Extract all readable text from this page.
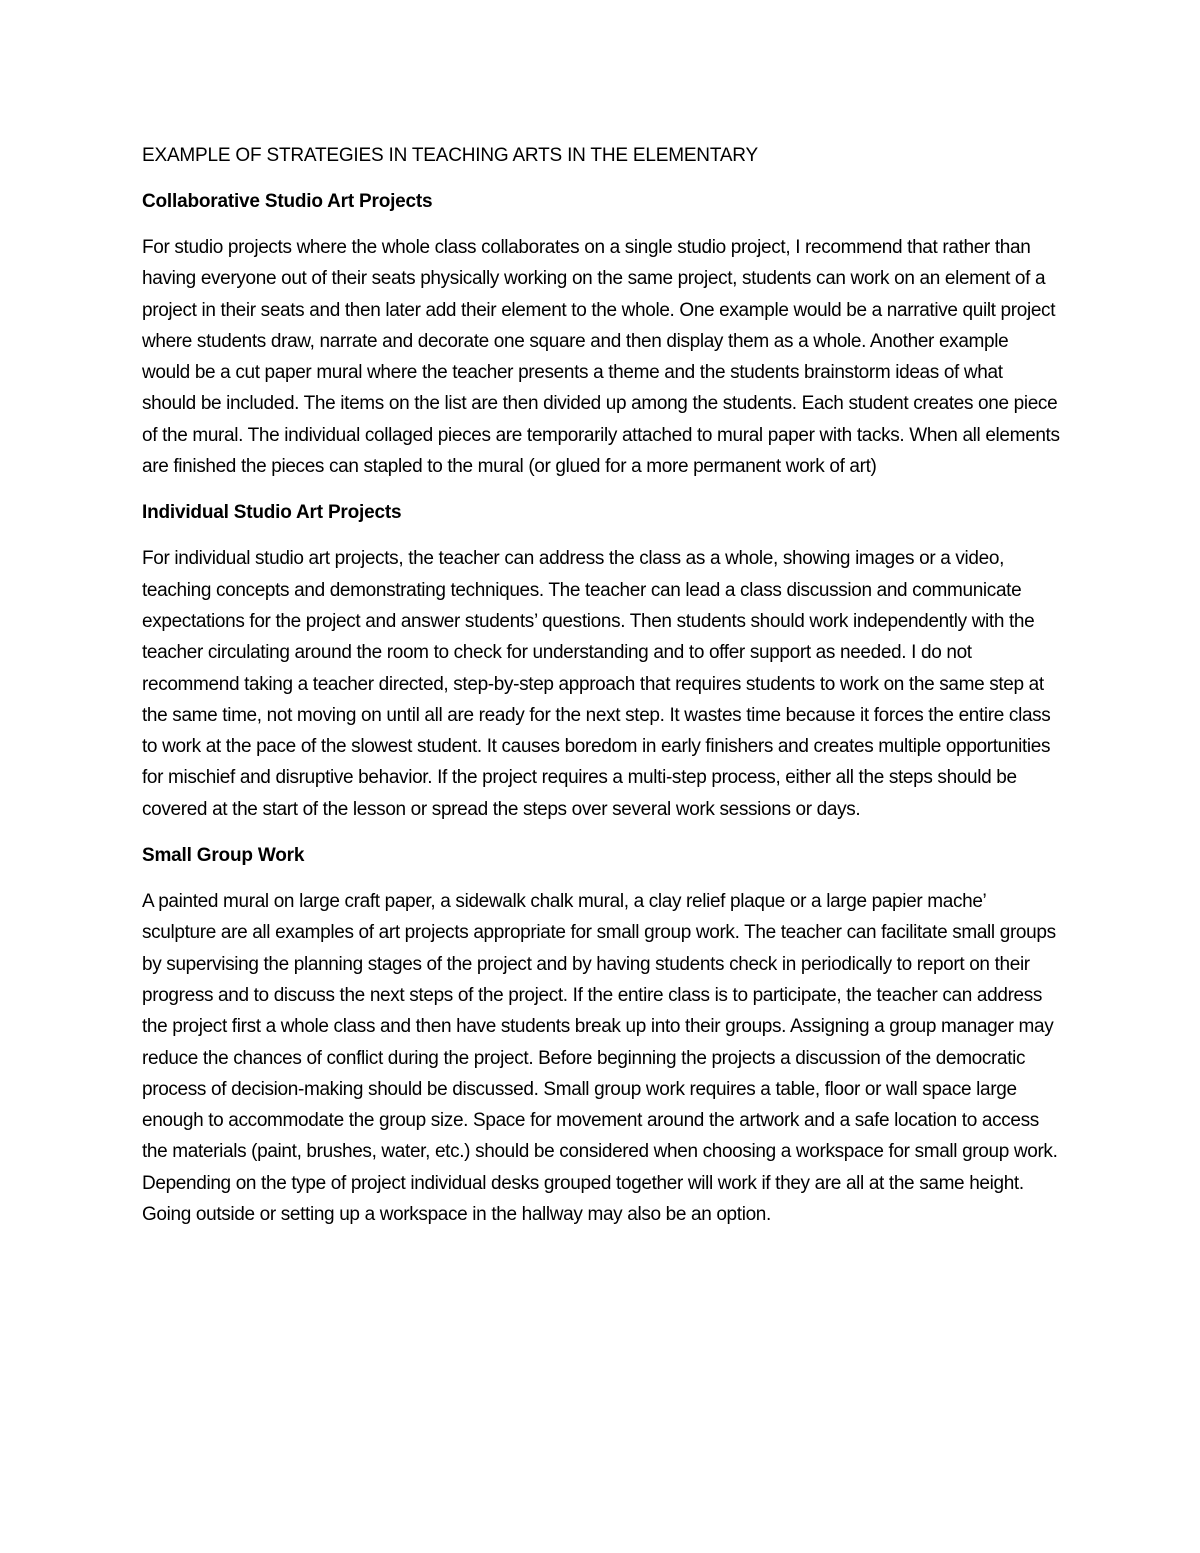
EXAMPLE OF STRATEGIES IN TEACHING ARTS IN THE ELEMENTARY
Collaborative Studio Art Projects

For studio projects where the whole class collaborates on a single studio project, I recommend that rather than having everyone out of their seats physically working on the same project, students can work on an element of a project in their seats and then later add their element to the whole. One example would be a narrative quilt project where students draw, narrate and decorate one square and then display them as a whole. Another example would be a cut paper mural where the teacher presents a theme and the students brainstorm ideas of what should be included. The items on the list are then divided up among the students. Each student creates one piece of the mural. The individual collaged pieces are temporarily attached to mural paper with tacks. When all elements are finished the pieces can stapled to the mural (or glued for a more permanent work of art)

Individual Studio Art Projects

For individual studio art projects, the teacher can address the class as a whole, showing images or a video, teaching concepts and demonstrating techniques. The teacher can lead a class discussion and communicate expectations for the project and answer students’ questions. Then students should work independently with the teacher circulating around the room to check for understanding and to offer support as needed. I do not recommend taking a teacher directed, step-by-step approach that requires students to work on the same step at the same time, not moving on until all are ready for the next step. It wastes time because it forces the entire class to work at the pace of the slowest student. It causes boredom in early finishers and creates multiple opportunities for mischief and disruptive behavior. If the project requires a multi-step process, either all the steps should be covered at the start of the lesson or spread the steps over several work sessions or days.

Small Group Work

A painted mural on large craft paper, a sidewalk chalk mural, a clay relief plaque or a large papier mache’ sculpture are all examples of art projects appropriate for small group work. The teacher can facilitate small groups by supervising the planning stages of the project and by having students check in periodically to report on their progress and to discuss the next steps of the project. If the entire class is to participate, the teacher can address the project first a whole class and then have students break up into their groups. Assigning a group manager may reduce the chances of conflict during the project. Before beginning the projects a discussion of the democratic process of decision-making should be discussed. Small group work requires a table, floor or wall space large enough to accommodate the group size. Space for movement around the artwork and a safe location to access the materials (paint, brushes, water, etc.) should be considered when choosing a workspace for small group work. Depending on the type of project individual desks grouped together will work if they are all at the same height. Going outside or setting up a workspace in the hallway may also be an option.
